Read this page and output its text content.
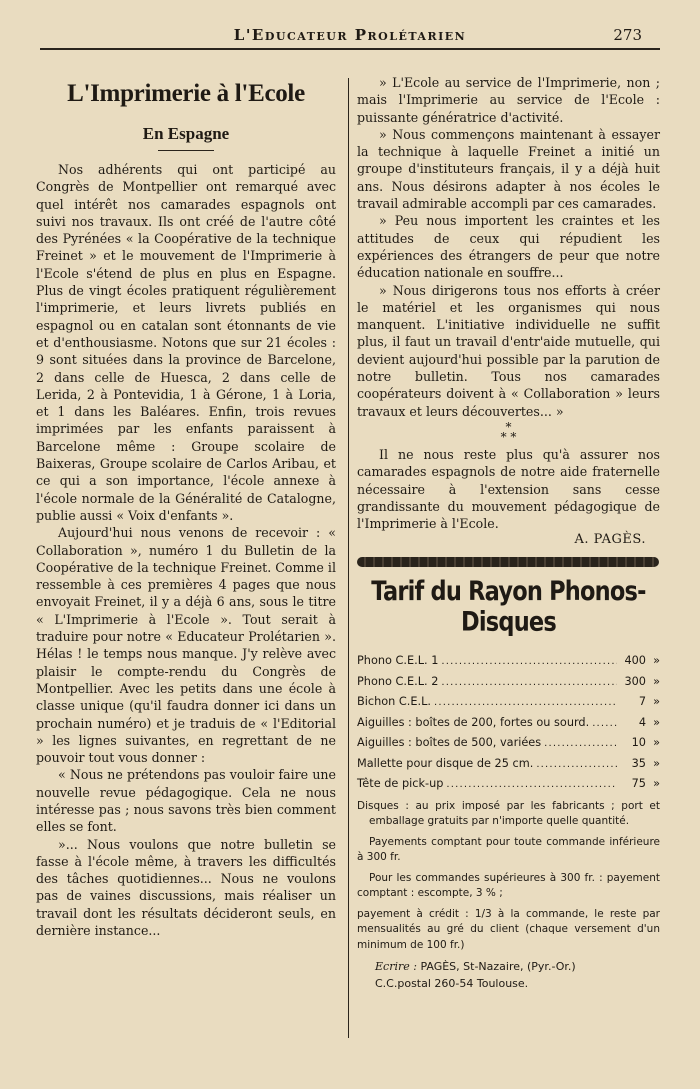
L'Educateur Prolétarien	273
L'Imprimerie à l'Ecole
En Espagne

Nos adhérents qui ont participé au Congrès de Montpellier ont remarqué avec quel intérêt nos camarades espagnols ont suivi nos travaux. Ils ont créé de l'autre côté des Pyrénées « la Coopérative de la technique Freinet » et le mouvement de l'Imprimerie à l'Ecole s'étend de plus en plus en Espagne. Plus de vingt écoles pratiquent régulièrement l'imprimerie, et leurs livrets publiés en espagnol ou en catalan sont étonnants de vie et d'enthousiasme. Notons que sur 21 écoles : 9 sont situées dans la province de Barcelone, 2 dans celle de Huesca, 2 dans celle de Lerida, 2 à Pontevidia, 1 à Gérone, 1 à Loria, et 1 dans les Baléares. Enfin, trois revues imprimées par les enfants paraissent à Barcelone même : Groupe scolaire de Baixeras, Groupe scolaire de Carlos Aribau, et ce qui a son importance, l'école annexe à l'école normale de la Généralité de Catalogne, publie aussi « Voix d'enfants ».

Aujourd'hui nous venons de recevoir : « Collaboration », numéro 1 du Bulletin de la Coopérative de la technique Freinet. Comme il ressemble à ces premières 4 pages que nous envoyait Freinet, il y a déjà 6 ans, sous le titre « L'Imprimerie à l'Ecole ». Tout serait à traduire pour notre « Educateur Prolétarien ». Hélas ! le temps nous manque. J'y relève avec plaisir le compte-rendu du Congrès de Montpellier. Avec les petits dans une école à classe unique (qu'il faudra donner ici dans un prochain numéro) et je traduis de « l'Editorial » les lignes suivantes, en regrettant de ne pouvoir tout vous donner :

« Nous ne prétendons pas vouloir faire une nouvelle revue pédagogique. Cela ne nous intéresse pas ; nous savons très bien comment elles se font.

»... Nous voulons que notre bulletin se fasse à l'école même, à travers les difficultés des tâches quotidiennes... Nous ne voulons pas de vaines discussions, mais réaliser un travail dont les résultats décideront seuls, en dernière instance...

» L'Ecole au service de l'Imprimerie, non ; mais l'Imprimerie au service de l'Ecole : puissante génératrice d'activité.

» Nous commençons maintenant à essayer la technique à laquelle Freinet a initié un groupe d'instituteurs français, il y a déjà huit ans. Nous désirons adapter à nos écoles le travail admirable accompli par ces camarades.

» Peu nous importent les craintes et les attitudes de ceux qui répudient les expériences des étrangers de peur que notre éducation nationale en souffre...

» Nous dirigerons tous nos efforts à créer le matériel et les organismes qui nous manquent. L'initiative individuelle ne suffit plus, il faut un travail d'entr'aide mutuelle, qui devient aujourd'hui possible par la parution de notre bulletin. Tous nos camarades coopérateurs doivent à « Collaboration » leurs travaux et leurs découvertes... »

*
* *

Il ne nous reste plus qu'à assurer nos camarades espagnols de notre aide fraternelle nécessaire à l'extension sans cesse grandissante du mouvement pédagogique de l'Imprimerie à l'Ecole.

A. PAGÈS.
Tarif du Rayon Phonos-Disques
Phono C.E.L. 1 . . .	400 »
Phono C.E.L. 2 . . .	300 »
Bichon C.E.L. . . .	7 »
Aiguilles : boîtes de 200, fortes ou sourd. . . .	4 »
Aiguilles : boîtes de 500, variées . . .	10 »
Mallette pour disque de 25 cm. . . .	35 »
Tête de pick-up . . .	75 »

Disques : au prix imposé par les fabricants ; port et emballage gratuits par n'importe quelle quantité.

Payements comptant pour toute commande inférieure à 300 fr.

Pour les commandes supérieures à 300 fr. : payement comptant : escompte, 3 % ;

payement à crédit : 1/3 à la commande, le reste par mensualités au gré du client (chaque versement d'un minimum de 100 fr.)

Ecrire : PAGÈS, St-Nazaire, (Pyr.-Or.)
C.C.postal 260-54 Toulouse.
